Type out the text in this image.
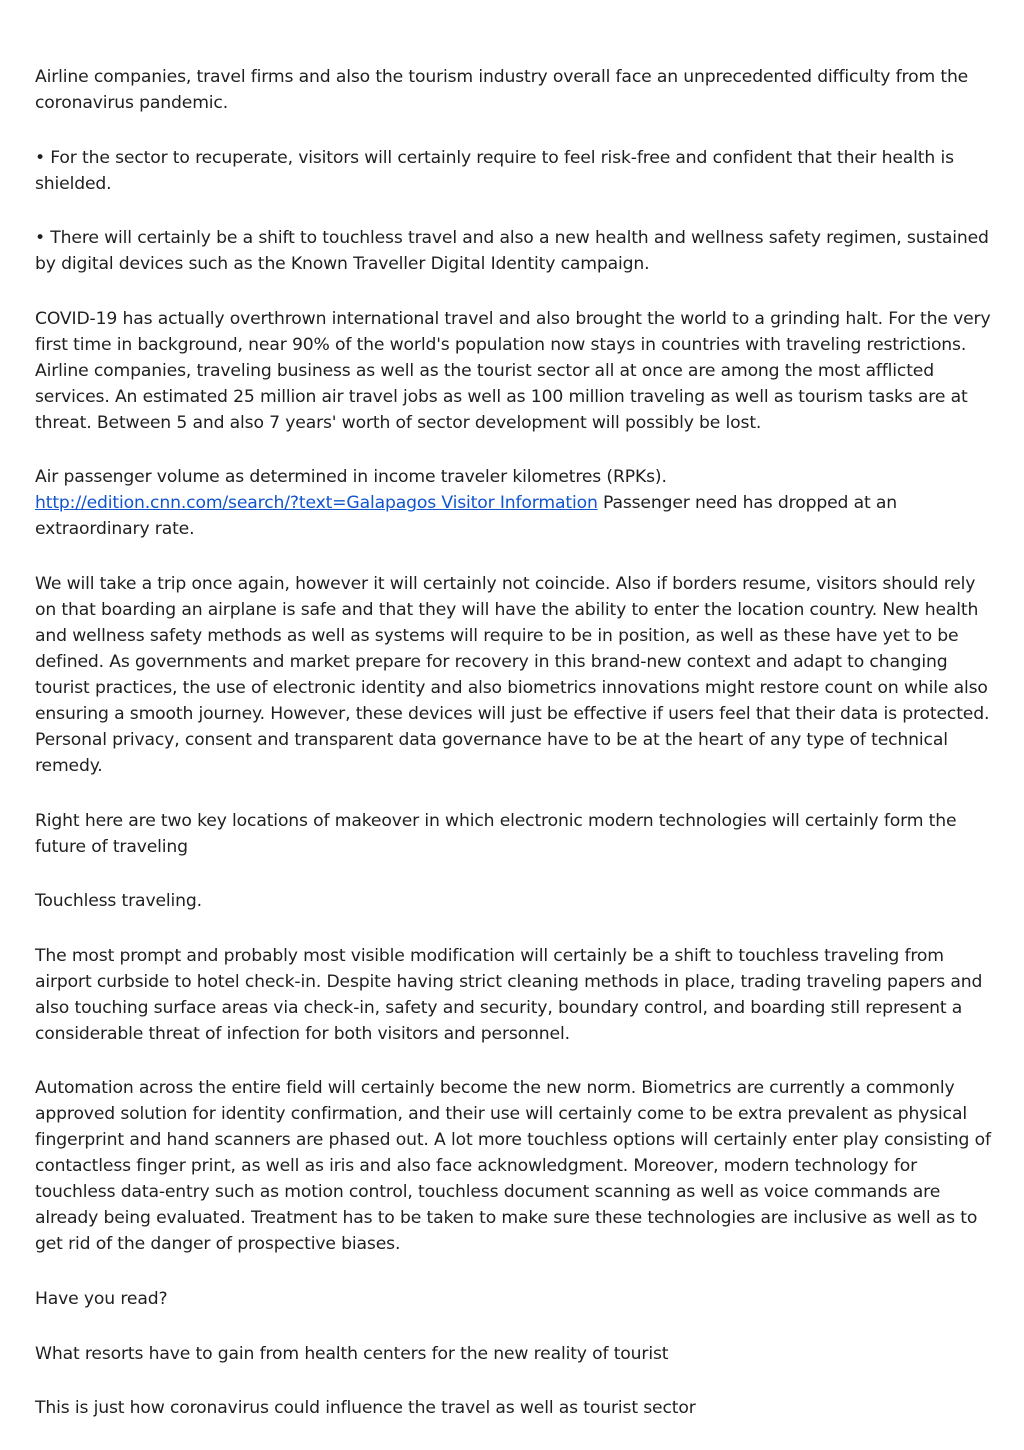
Airline companies, travel firms and also the tourism industry overall face an unprecedented difficulty from the coronavirus pandemic.

• For the sector to recuperate, visitors will certainly require to feel risk-free and confident that their health is shielded.

• There will certainly be a shift to touchless travel and also a new health and wellness safety regimen, sustained by digital devices such as the Known Traveller Digital Identity campaign.

COVID-19 has actually overthrown international travel and also brought the world to a grinding halt. For the very first time in background, near 90% of the world's population now stays in countries with traveling restrictions. Airline companies, traveling business as well as the tourist sector all at once are among the most afflicted services. An estimated 25 million air travel jobs as well as 100 million traveling as well as tourism tasks are at threat. Between 5 and also 7 years' worth of sector development will possibly be lost.

Air passenger volume as determined in income traveler kilometres (RPKs).
http://edition.cnn.com/search/?text=Galapagos Visitor Information Passenger need has dropped at an extraordinary rate.

We will take a trip once again, however it will certainly not coincide. Also if borders resume, visitors should rely on that boarding an airplane is safe and that they will have the ability to enter the location country. New health and wellness safety methods as well as systems will require to be in position, as well as these have yet to be defined. As governments and market prepare for recovery in this brand-new context and adapt to changing tourist practices, the use of electronic identity and also biometrics innovations might restore count on while also ensuring a smooth journey. However, these devices will just be effective if users feel that their data is protected. Personal privacy, consent and transparent data governance have to be at the heart of any type of technical remedy.

Right here are two key locations of makeover in which electronic modern technologies will certainly form the future of traveling

Touchless traveling.

The most prompt and probably most visible modification will certainly be a shift to touchless traveling from airport curbside to hotel check-in. Despite having strict cleaning methods in place, trading traveling papers and also touching surface areas via check-in, safety and security, boundary control, and boarding still represent a considerable threat of infection for both visitors and personnel.

Automation across the entire field will certainly become the new norm. Biometrics are currently a commonly approved solution for identity confirmation, and their use will certainly come to be extra prevalent as physical fingerprint and hand scanners are phased out. A lot more touchless options will certainly enter play consisting of contactless finger print, as well as iris and also face acknowledgment. Moreover, modern technology for touchless data-entry such as motion control, touchless document scanning as well as voice commands are already being evaluated. Treatment has to be taken to make sure these technologies are inclusive as well as to get rid of the danger of prospective biases.

Have you read?

What resorts have to gain from health centers for the new reality of tourist

This is just how coronavirus could influence the travel as well as tourist sector
